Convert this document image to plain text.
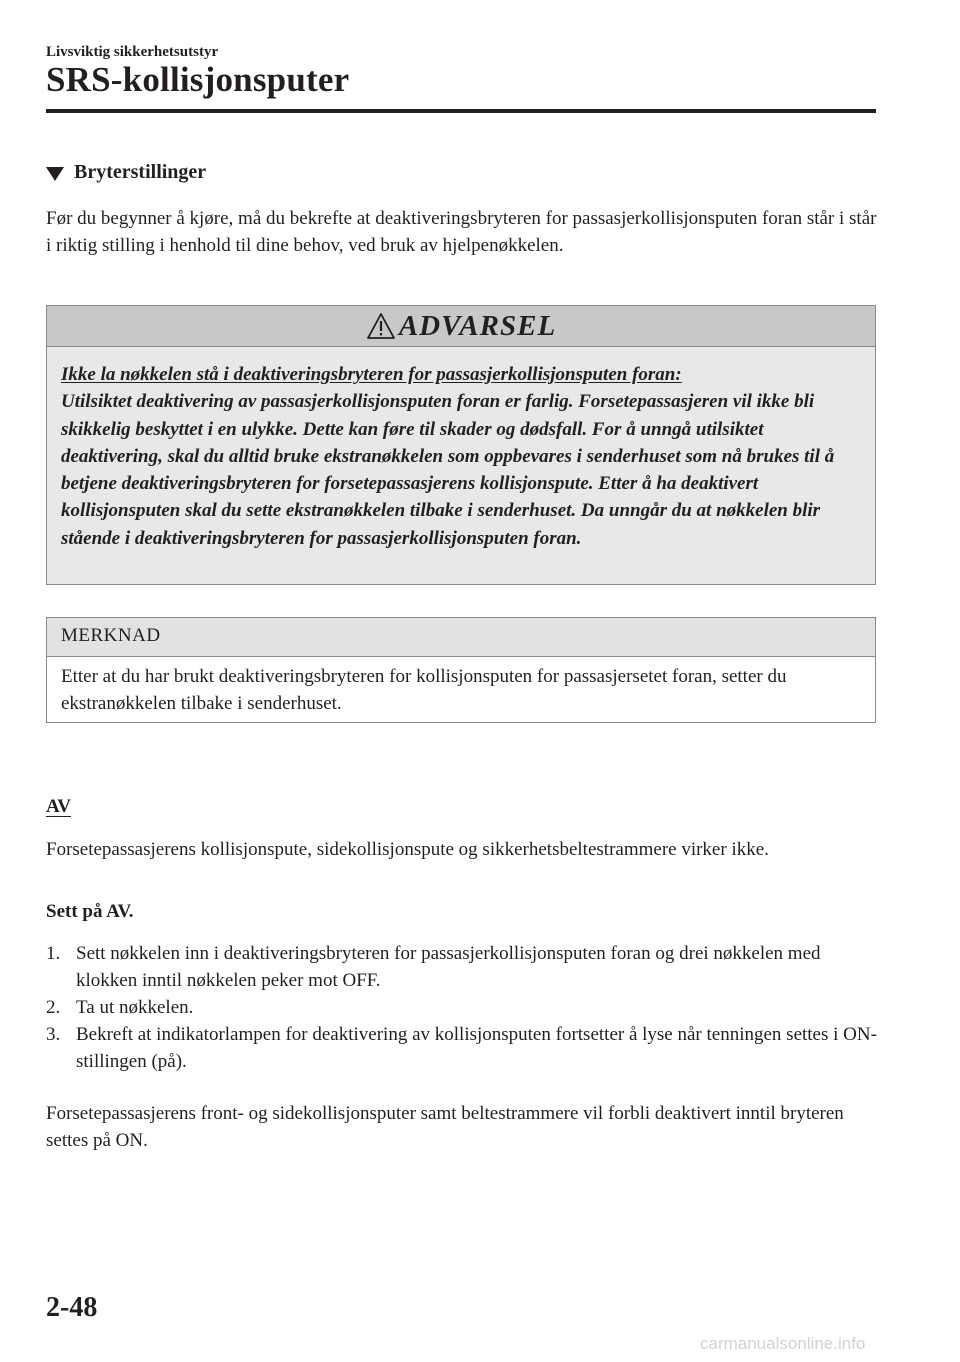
Livsviktig sikkerhetsutstyr
SRS-kollisjonsputer
Bryterstillinger
Før du begynner å kjøre, må du bekrefte at deaktiveringsbryteren for passasjerkollisjonsputen foran står i står i riktig stilling i henhold til dine behov, ved bruk av hjelpenøkkelen.
ADVARSEL
Ikke la nøkkelen stå i deaktiveringsbryteren for passasjerkollisjonsputen foran:
Utilsiktet deaktivering av passasjerkollisjonsputen foran er farlig. Forsetepassasjeren vil ikke bli skikkelig beskyttet i en ulykke. Dette kan føre til skader og dødsfall. For å unngå utilsiktet deaktivering, skal du alltid bruke ekstranøkkelen som oppbevares i senderhuset som nå brukes til å betjene deaktiveringsbryteren for forsetepassasjerens kollisjonspute. Etter å ha deaktivert kollisjonsputen skal du sette ekstranøkkelen tilbake i senderhuset. Da unngår du at nøkkelen blir stående i deaktiveringsbryteren for passasjerkollisjonsputen foran.
MERKNAD
Etter at du har brukt deaktiveringsbryteren for kollisjonsputen for passasjersetet foran, setter du ekstranøkkelen tilbake i senderhuset.
AV
Forsetepassasjerens kollisjonspute, sidekollisjonspute og sikkerhetsbeltestrammere virker ikke.
Sett på AV.
1. Sett nøkkelen inn i deaktiveringsbryteren for passasjerkollisjonsputen foran og drei nøkkelen med klokken inntil nøkkelen peker mot OFF.
2. Ta ut nøkkelen.
3. Bekreft at indikatorlampen for deaktivering av kollisjonsputen fortsetter å lyse når tenningen settes i ON-stillingen (på).
Forsetepassasjerens front- og sidekollisjonsputer samt beltestrammere vil forbli deaktivert inntil bryteren settes på ON.
2-48
carmanualsonline.info
